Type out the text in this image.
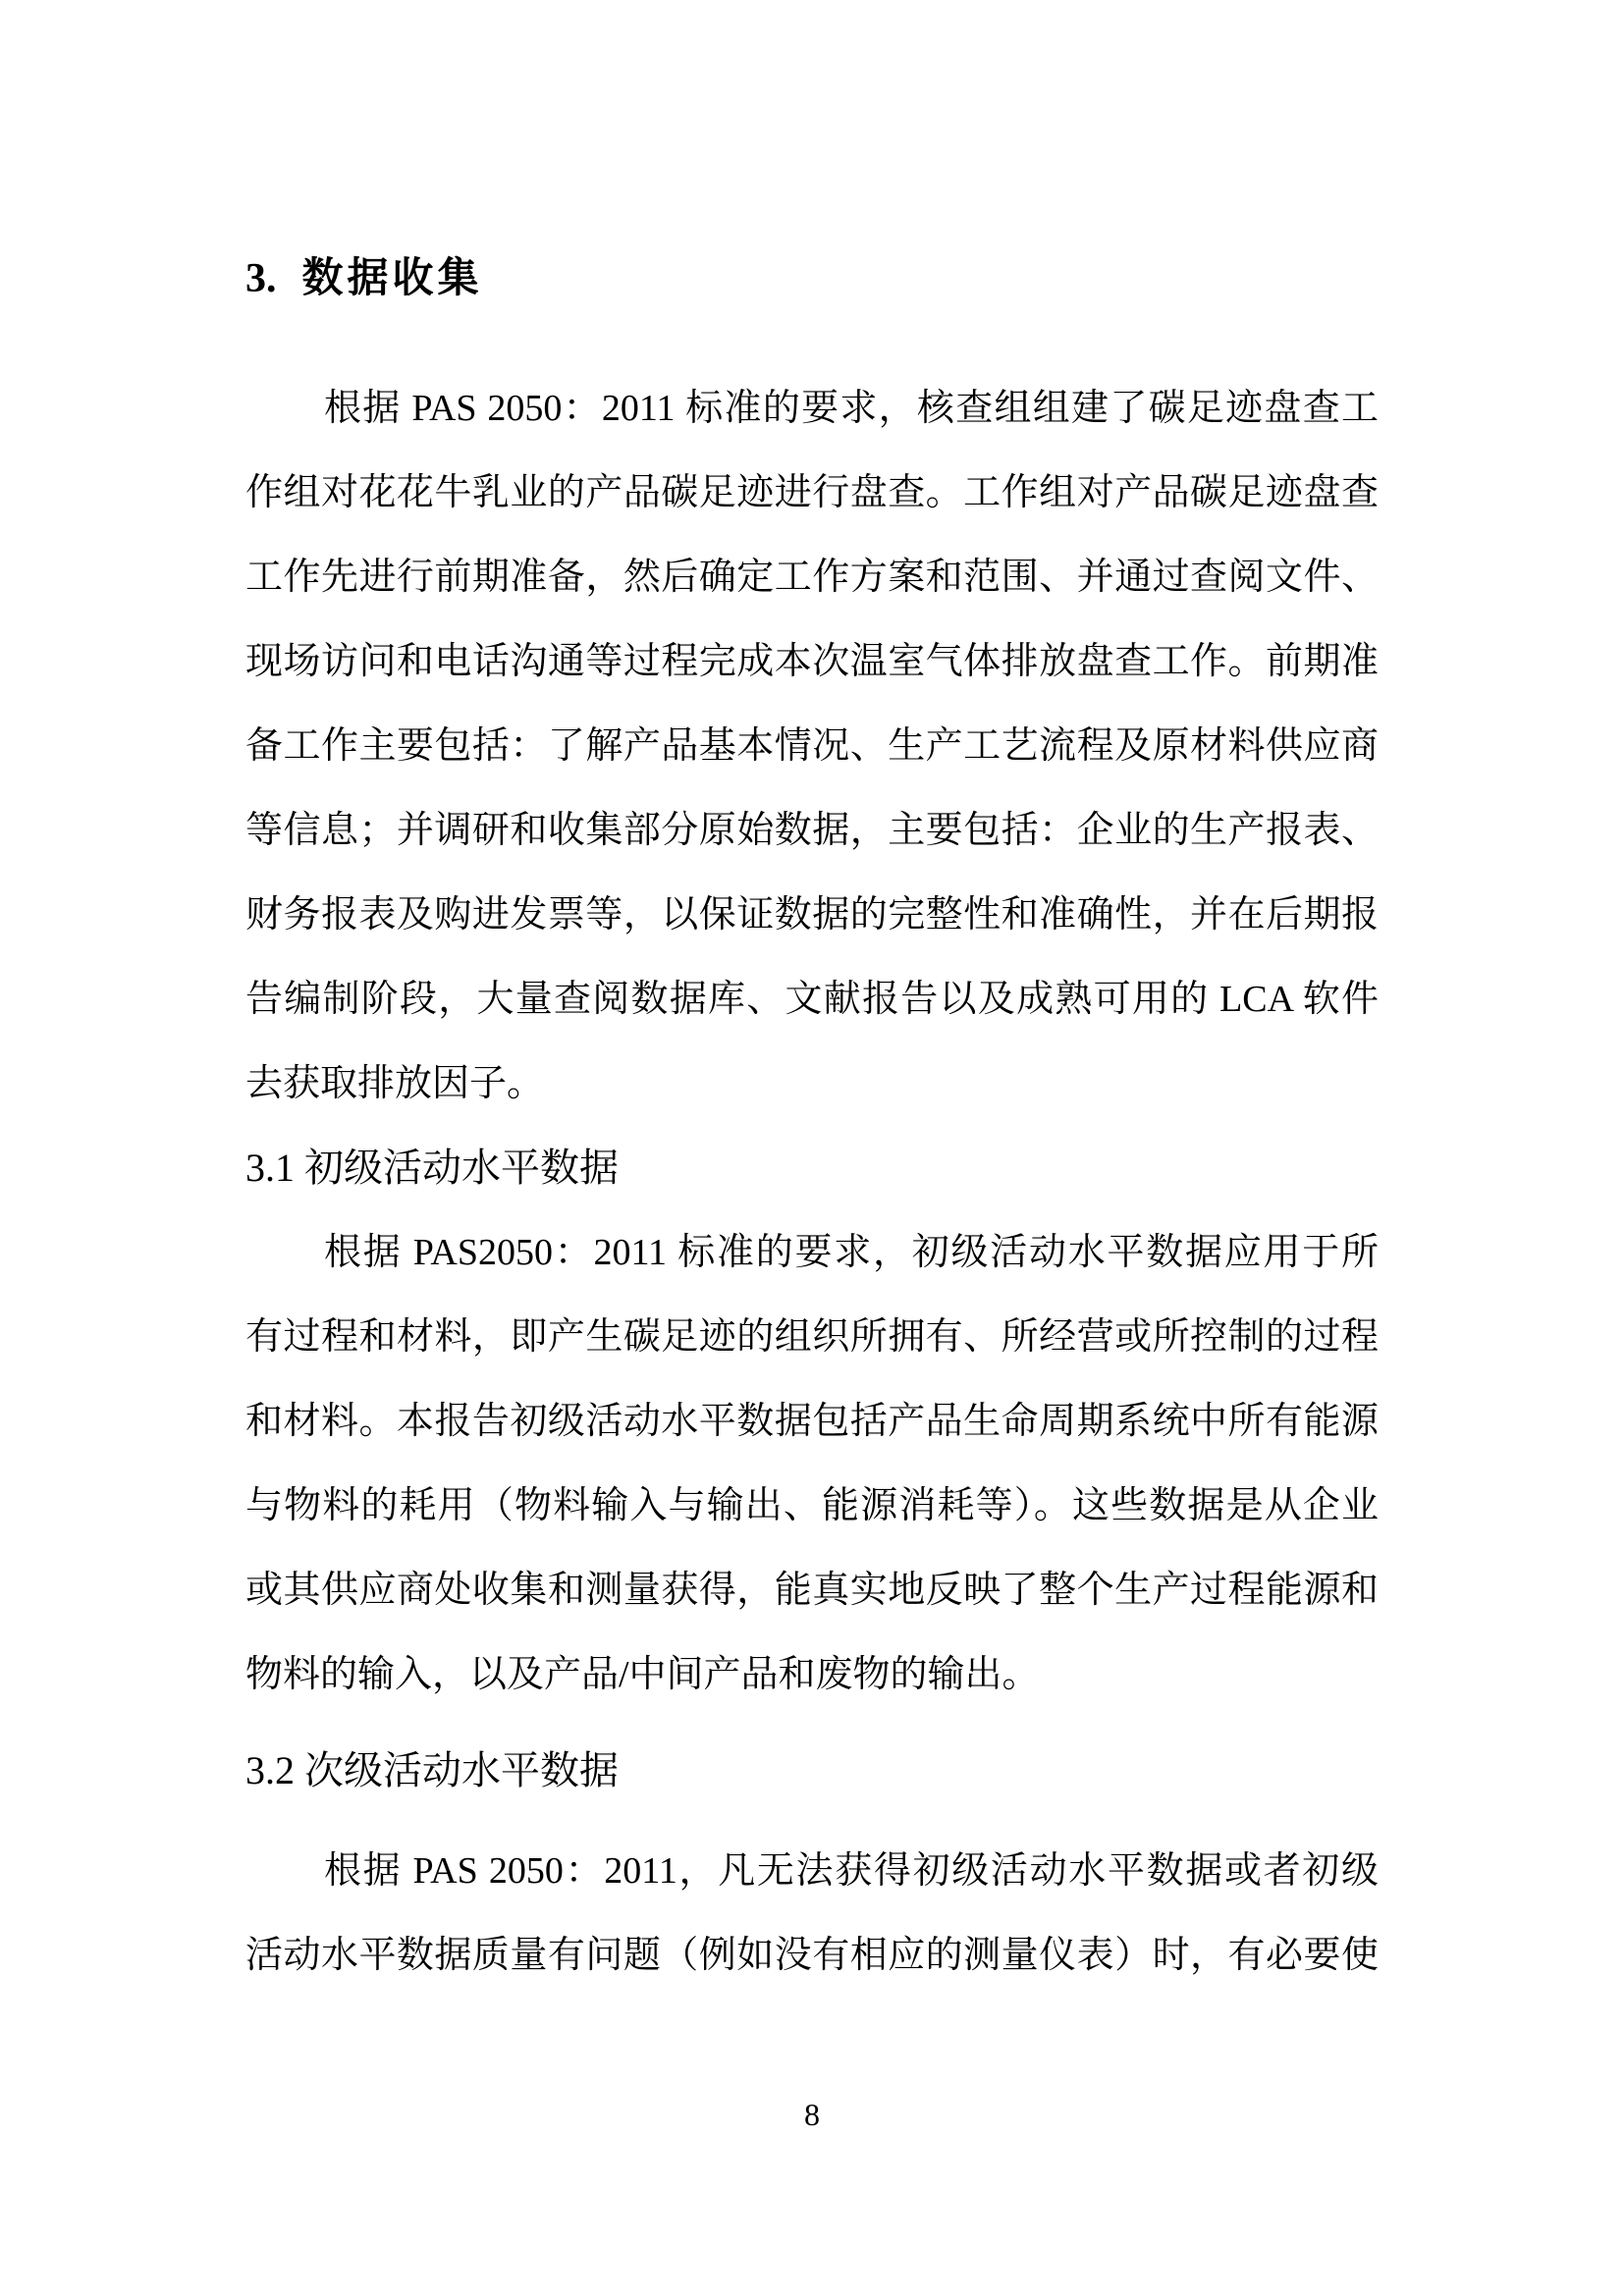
3. 数据收集
根据 PAS 2050：2011 标准的要求，核查组组建了碳足迹盘查工
作组对花花牛乳业的产品碳足迹进行盘查。工作组对产品碳足迹盘查
工作先进行前期准备，然后确定工作方案和范围、并通过查阅文件、
现场访问和电话沟通等过程完成本次温室气体排放盘查工作。前期准
备工作主要包括：了解产品基本情况、生产工艺流程及原材料供应商
等信息；并调研和收集部分原始数据，主要包括：企业的生产报表、
财务报表及购进发票等，以保证数据的完整性和准确性，并在后期报
告编制阶段，大量查阅数据库、文献报告以及成熟可用的 LCA 软件
去获取排放因子。
3.1 初级活动水平数据
根据 PAS2050：2011 标准的要求，初级活动水平数据应用于所
有过程和材料，即产生碳足迹的组织所拥有、所经营或所控制的过程
和材料。本报告初级活动水平数据包括产品生命周期系统中所有能源
与物料的耗用（物料输入与输出、能源消耗等）。这些数据是从企业
或其供应商处收集和测量获得，能真实地反映了整个生产过程能源和
物料的输入，以及产品/中间产品和废物的输出。
3.2 次级活动水平数据
根据 PAS 2050：2011，凡无法获得初级活动水平数据或者初级
活动水平数据质量有问题（例如没有相应的测量仪表）时，有必要使
8
